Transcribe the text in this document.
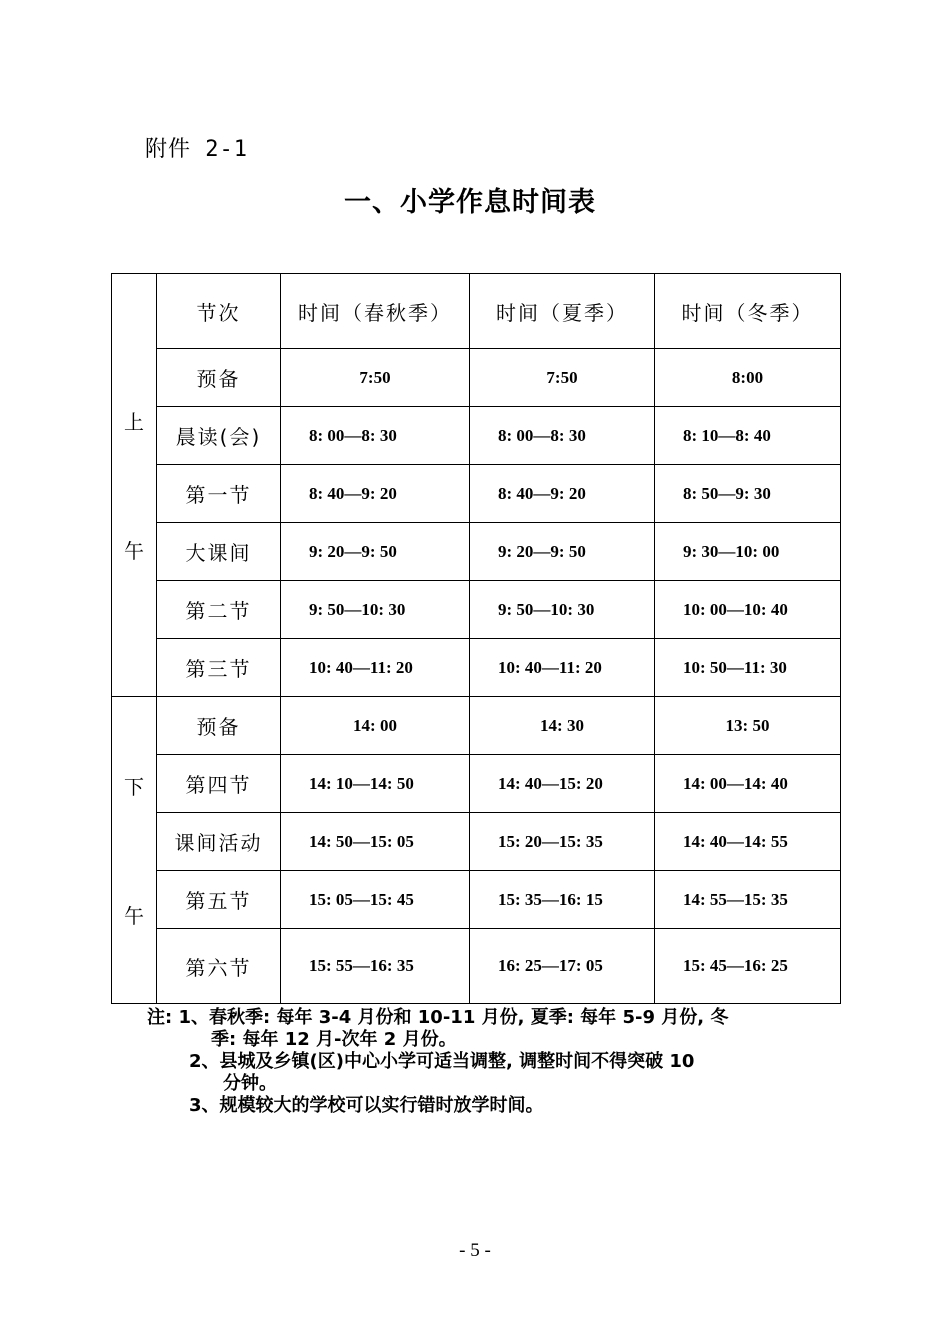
附件 2-1
一、小学作息时间表
上
午	节次	时间（春秋季）	时间（夏季）	时间（冬季）
	预备	7:50	7:50	8:00
	晨读(会)	8: 00—8: 30	8: 00—8: 30	8: 10—8: 40
	第一节	8: 40—9: 20	8: 40—9: 20	8: 50—9: 30
	大课间	9: 20—9: 50	9: 20—9: 50	9: 30—10: 00
	第二节	9: 50—10: 30	9: 50—10: 30	10: 00—10: 40
	第三节	10: 40—11: 20	10: 40—11: 20	10: 50—11: 30

下
午	预备	14: 00	14: 30	13: 50
	第四节	14: 10—14: 50	14: 40—15: 20	14: 00—14: 40
	课间活动	14: 50—15: 05	15: 20—15: 35	14: 40—14: 55
	第五节	15: 05—15: 45	15: 35—16: 15	14: 55—15: 35
	第六节	15: 55—16: 35	16: 25—17: 05	15: 45—16: 25
注: 1、春秋季: 每年 3-4 月份和 10-11 月份, 夏季: 每年 5-9 月份, 冬
季: 每年 12 月-次年 2 月份。
2、县城及乡镇(区)中心小学可适当调整, 调整时间不得突破 10
分钟。
3、规模较大的学校可以实行错时放学时间。
- 5 -
